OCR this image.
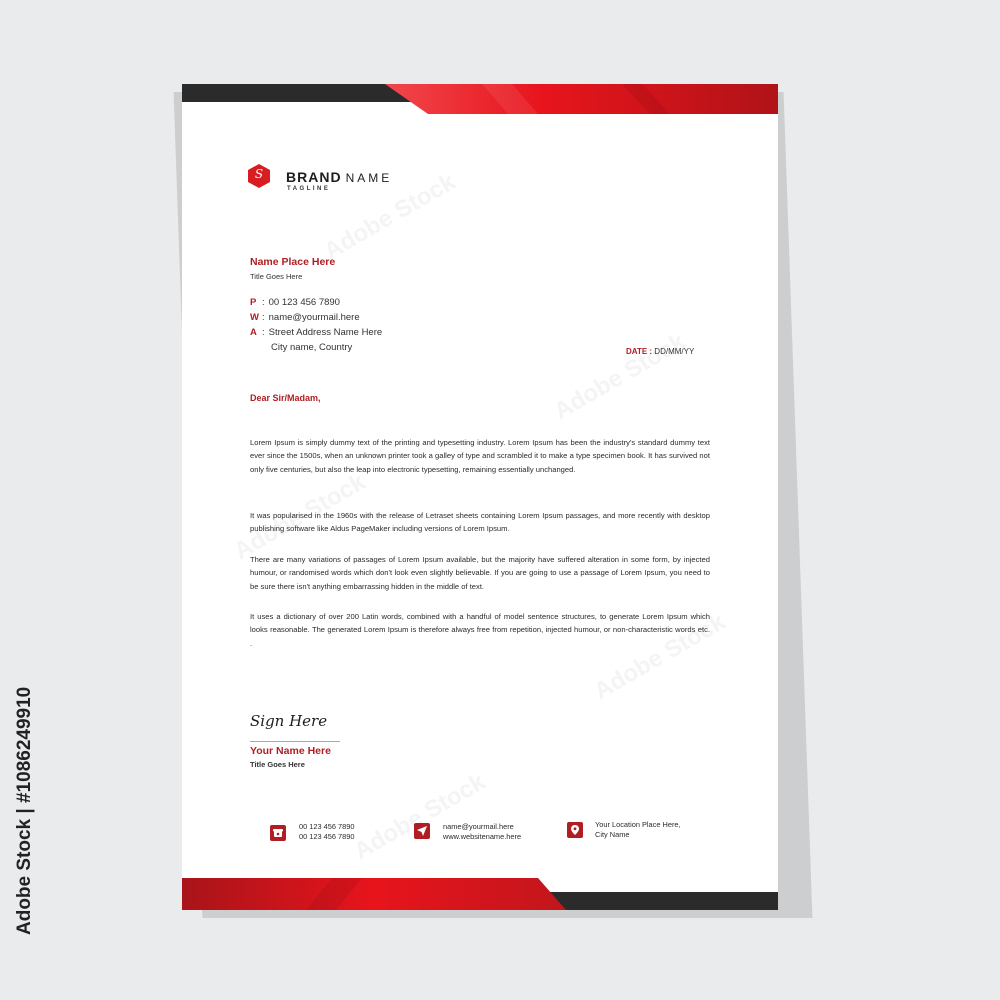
Adobe Stock | #1086249910
S	BRAND NAME
TAGLINE
Name Place Here
Title Goes Here
P : 00 123 456 7890
W : name@yourmail.here
A : Street Address Name Here
City name, Country	DATE : DD/MM/YY
Dear Sir/Madam,
Lorem Ipsum is simply dummy text of the printing and typesetting industry. Lorem Ipsum has been the industry's standard dummy text ever since the 1500s, when an unknown printer took a galley of type and scrambled it to make a type specimen book. It has survived not only five centuries, but also the leap into electronic typesetting, remaining essentially unchanged.
It was popularised in the 1960s with the release of Letraset sheets containing Lorem Ipsum passages, and more recently with desktop publishing software like Aldus PageMaker including versions of Lorem Ipsum.
There are many variations of passages of Lorem Ipsum available, but the majority have suffered alteration in some form, by injected humour, or randomised words which don't look even slightly believable. If you are going to use a passage of Lorem Ipsum, you need to be sure there isn't anything embarrassing hidden in the middle of text.
It uses a dictionary of over 200 Latin words, combined with a handful of model sentence structures, to generate Lorem Ipsum which looks reasonable. The generated Lorem Ipsum is therefore always free from repetition, injected humour, or non-characteristic words etc. .
Sign Here
Your Name Here
Title Goes Here
00 123 456 7890
00 123 456 7890
name@yourmail.here
www.websitename.here
Your Location Place Here,
City Name
